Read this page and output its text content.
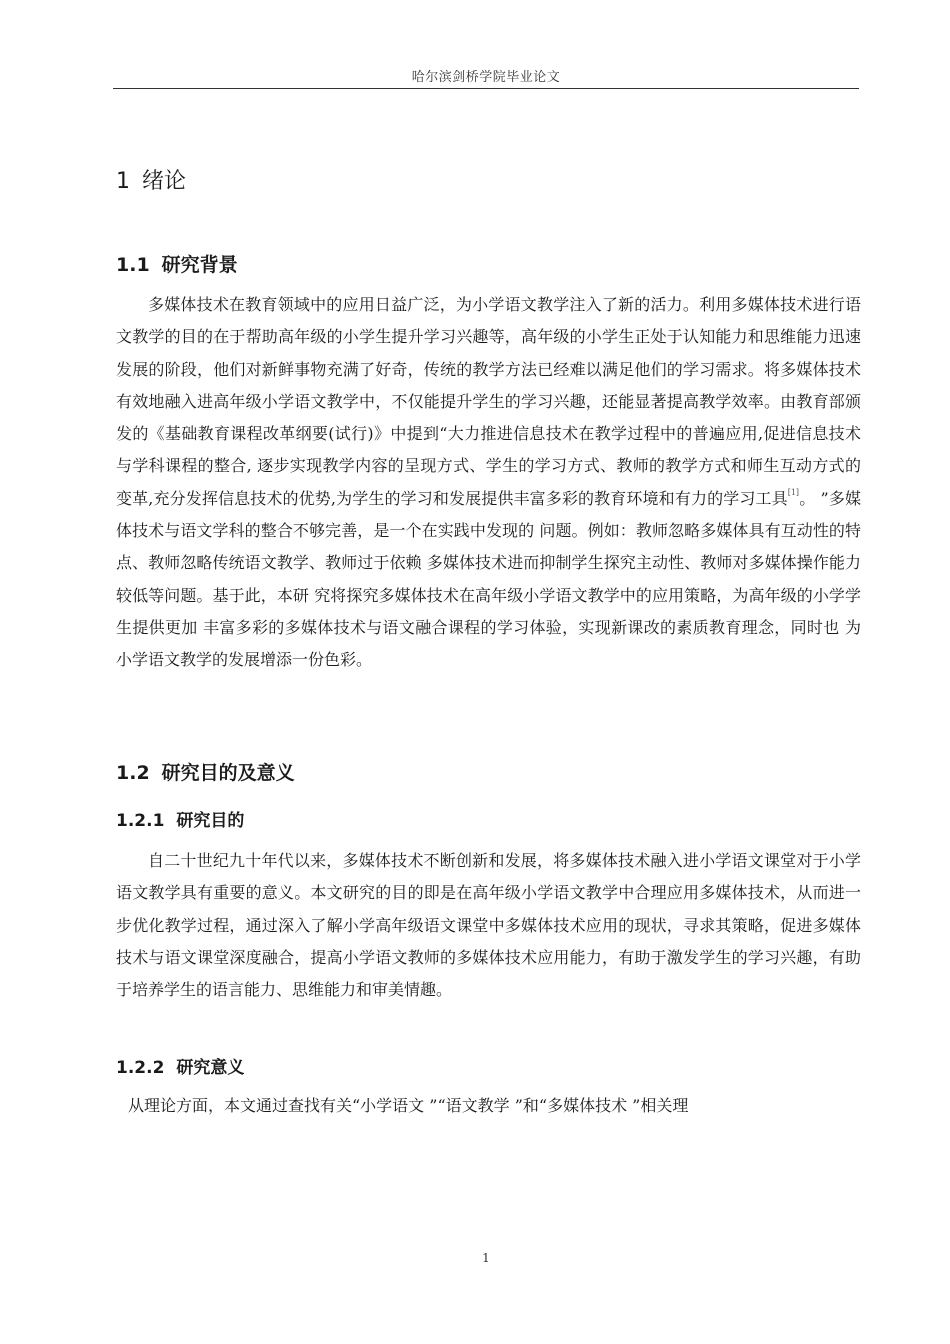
哈尔滨剑桥学院毕业论文
1 绪论
1.1 研究背景

多媒体技术在教育领域中的应用日益广泛，为小学语文教学注入了新的活力。利用多媒体技术进行语文教学的目的在于帮助高年级的小学生提升学习兴趣等，高年级的小学生正处于认知能力和思维能力迅速发展的阶段，他们对新鲜事物充满了好奇，传统的教学方法已经难以满足他们的学习需求。将多媒体技术有效地融入进高年级小学语文教学中，不仅能提升学生的学习兴趣，还能显著提高教学效率。由教育部颁发的《基础教育课程改革纲要(试行)》中提到“大力推进信息技术在教学过程中的普遍应用,促进信息技术与学科课程的整合, 逐步实现教学内容的呈现方式、学生的学习方式、教师的教学方式和师生互动方式的变革,充分发挥信息技术的优势,为学生的学习和发展提供丰富多彩的教育环境和有力的学习工具[1]。 ”多媒体技术与语文学科的整合不够完善，是一个在实践中发现的 问题。例如：教师忽略多媒体具有互动性的特点、教师忽略传统语文教学、教师过于依赖 多媒体技术进而抑制学生探究主动性、教师对多媒体操作能力较低等问题。基于此，本研 究将探究多媒体技术在高年级小学语文教学中的应用策略，为高年级的小学学生提供更加 丰富多彩的多媒体技术与语文融合课程的学习体验，实现新课改的素质教育理念，同时也 为小学语文教学的发展增添一份色彩。

1.2 研究目的及意义
1.2.1 研究目的

自二十世纪九十年代以来，多媒体技术不断创新和发展，将多媒体技术融入进小学语文课堂对于小学语文教学具有重要的意义。本文研究的目的即是在高年级小学语文教学中合理应用多媒体技术，从而进一步优化教学过程，通过深入了解小学高年级语文课堂中多媒体技术应用的现状，寻求其策略，促进多媒体技术与语文课堂深度融合，提高小学语文教师的多媒体技术应用能力，有助于激发学生的学习兴趣，有助于培养学生的语言能力、思维能力和审美情趣。

1.2.2 研究意义

从理论方面，本文通过查找有关“小学语文 ”“语文教学 ”和“多媒体技术 ”相关理

1
